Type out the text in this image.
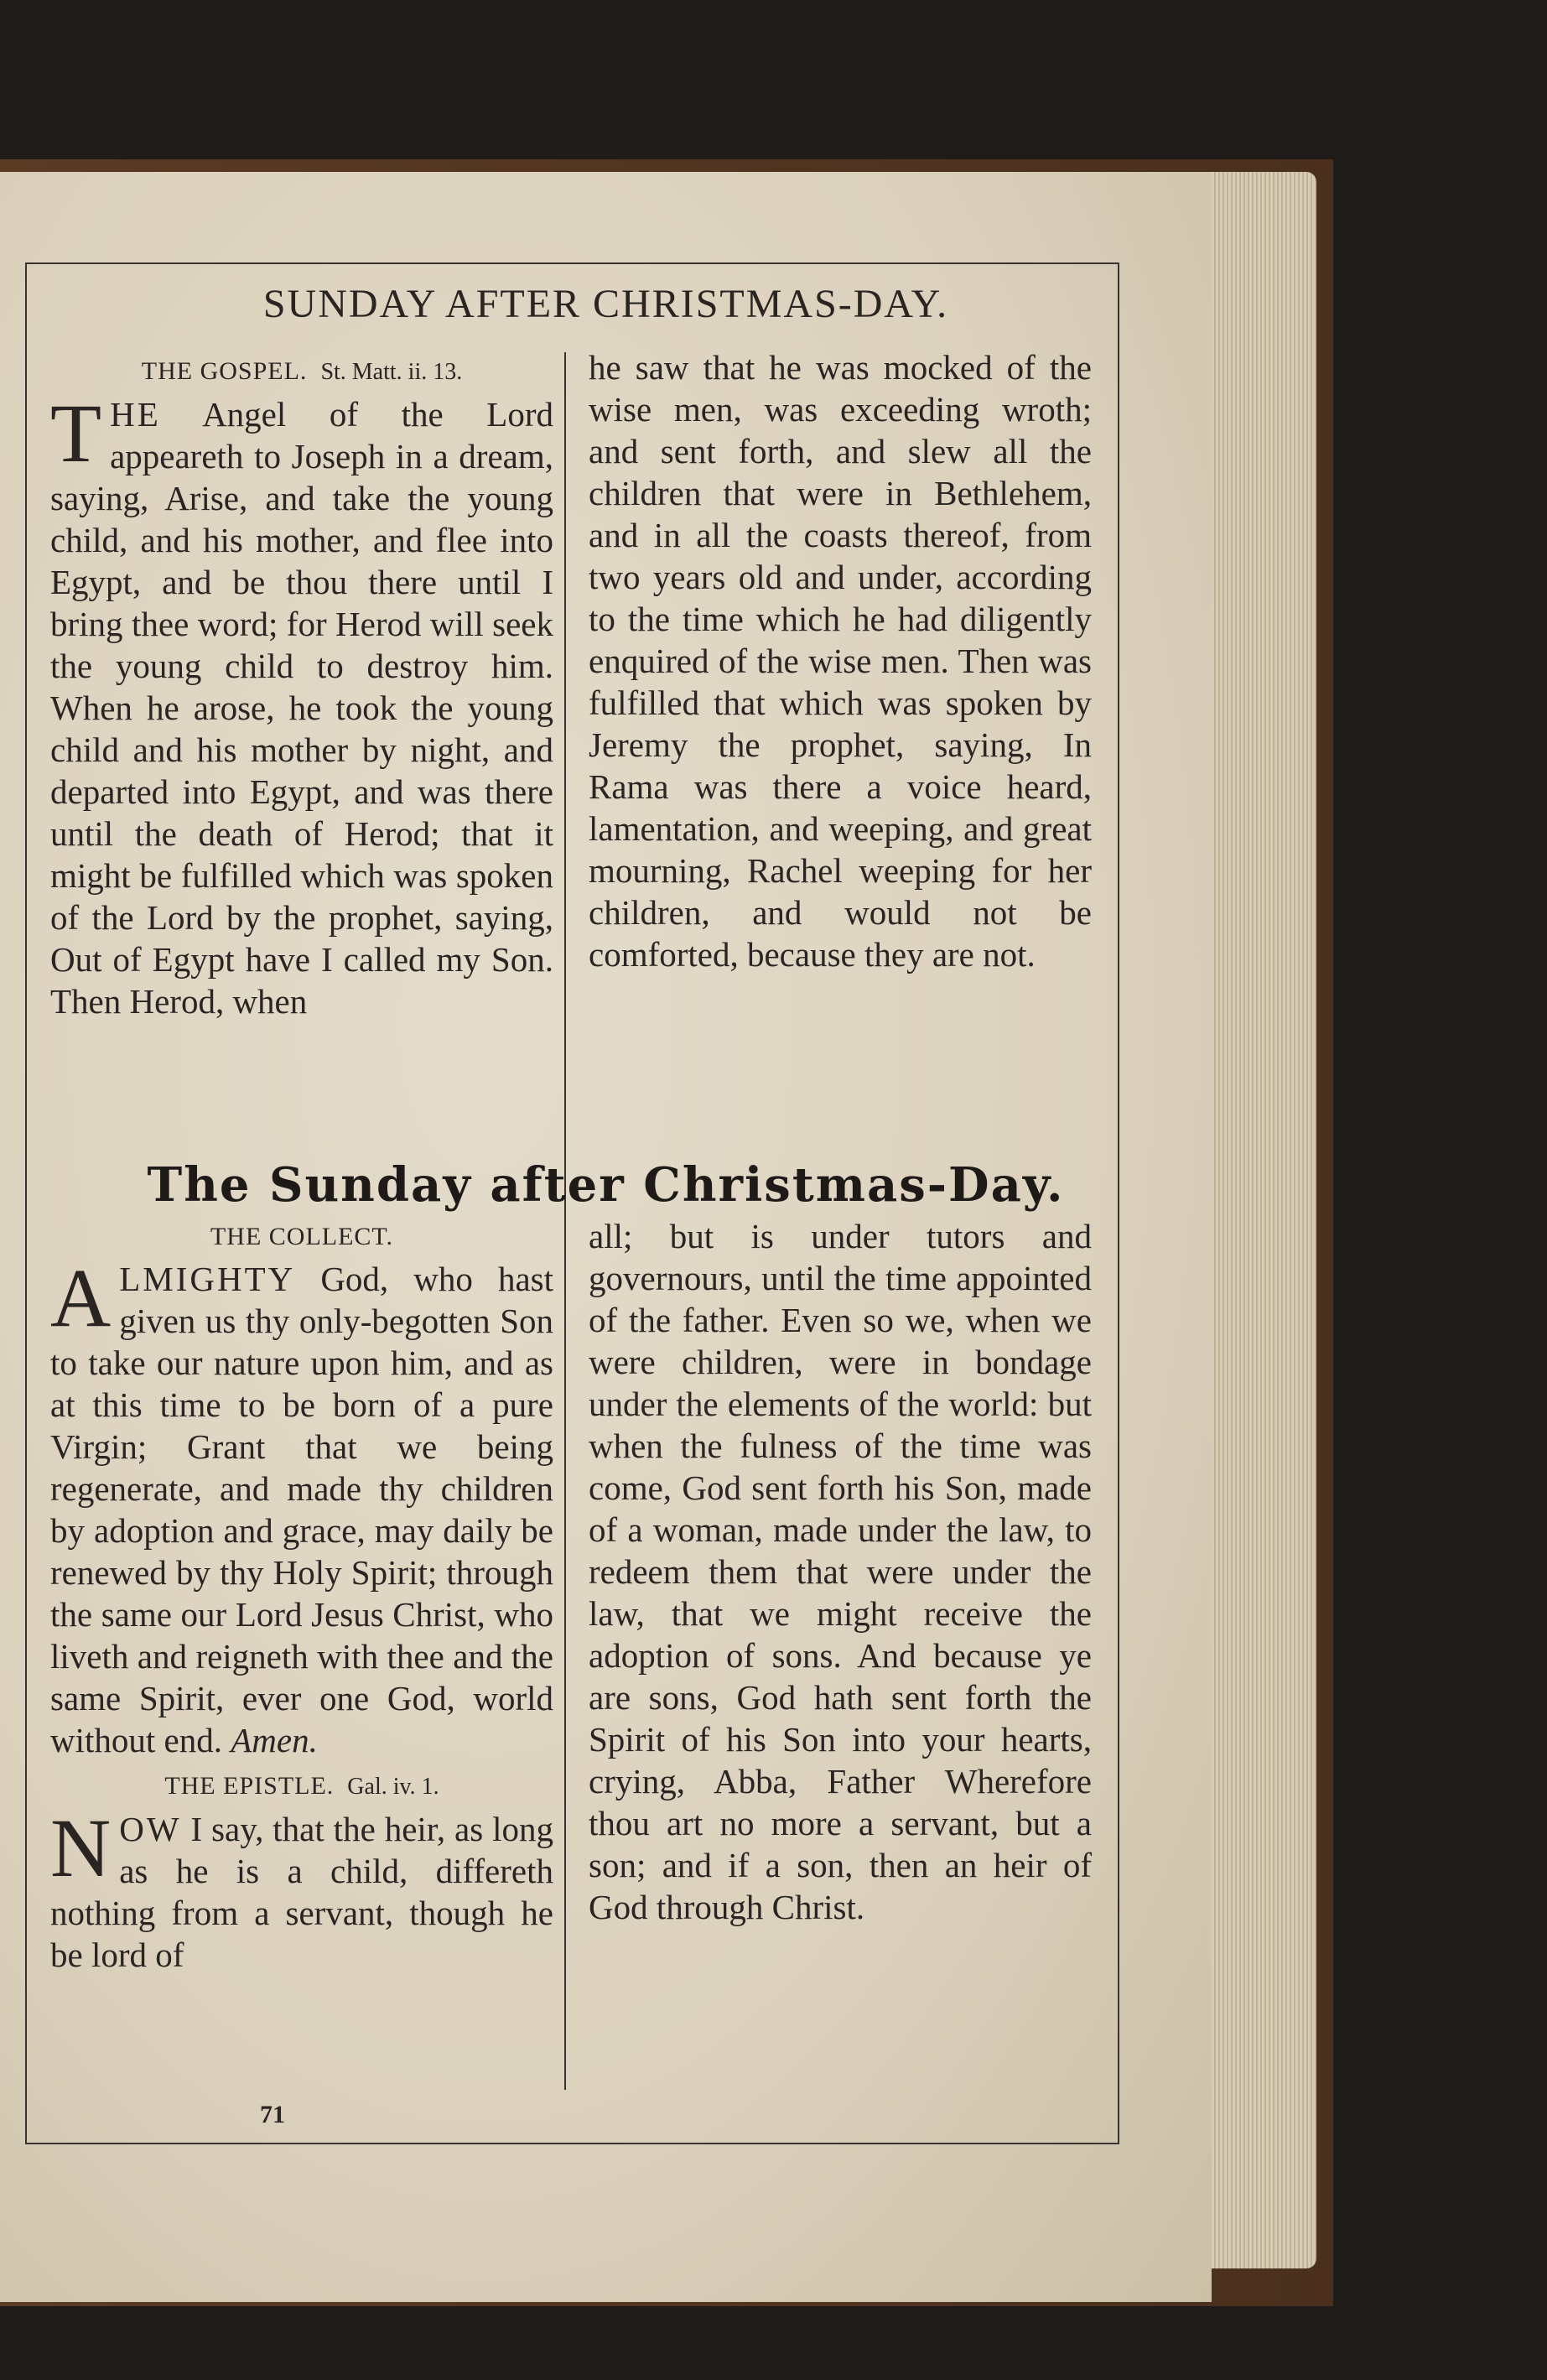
SUNDAY AFTER CHRISTMAS-DAY.

THE GOSPEL. St. Matt. ii. 13.

THE Angel of the Lord appeareth to Joseph in a dream, saying, Arise, and take the young child, and his mother, and flee into Egypt, and be thou there until I bring thee word; for Herod will seek the young child to destroy him. When he arose, he took the young child and his mother by night, and departed into Egypt, and was there until the death of Herod; that it might be fulfilled which was spoken of the Lord by the prophet, saying, Out of Egypt have I called my Son. Then Herod, when

he saw that he was mocked of the wise men, was exceeding wroth; and sent forth, and slew all the children that were in Bethlehem, and in all the coasts thereof, from two years old and under, according to the time which he had diligently enquired of the wise men. Then was fulfilled that which was spoken by Jeremy the prophet, saying, In Rama was there a voice heard, lamentation, and weeping, and great mourning, Rachel weeping for her children, and would not be comforted, because they are not.

The Sunday after Christmas-Day.

THE COLLECT.

ALMIGHTY God, who hast given us thy only-begotten Son to take our nature upon him, and as at this time to be born of a pure Virgin; Grant that we being regenerate, and made thy children by adoption and grace, may daily be renewed by thy Holy Spirit; through the same our Lord Jesus Christ, who liveth and reigneth with thee and the same Spirit, ever one God, world without end. Amen.

THE EPISTLE. Gal. iv. 1.

NOW I say, that the heir, as long as he is a child, differeth nothing from a servant, though he be lord of

all; but is under tutors and governours, until the time appointed of the father. Even so we, when we were children, were in bondage under the elements of the world: but when the fulness of the time was come, God sent forth his Son, made of a woman, made under the law, to redeem them that were under the law, that we might receive the adoption of sons. And because ye are sons, God hath sent forth the Spirit of his Son into your hearts, crying, Abba, Father Wherefore thou art no more a servant, but a son; and if a son, then an heir of God through Christ.

71
